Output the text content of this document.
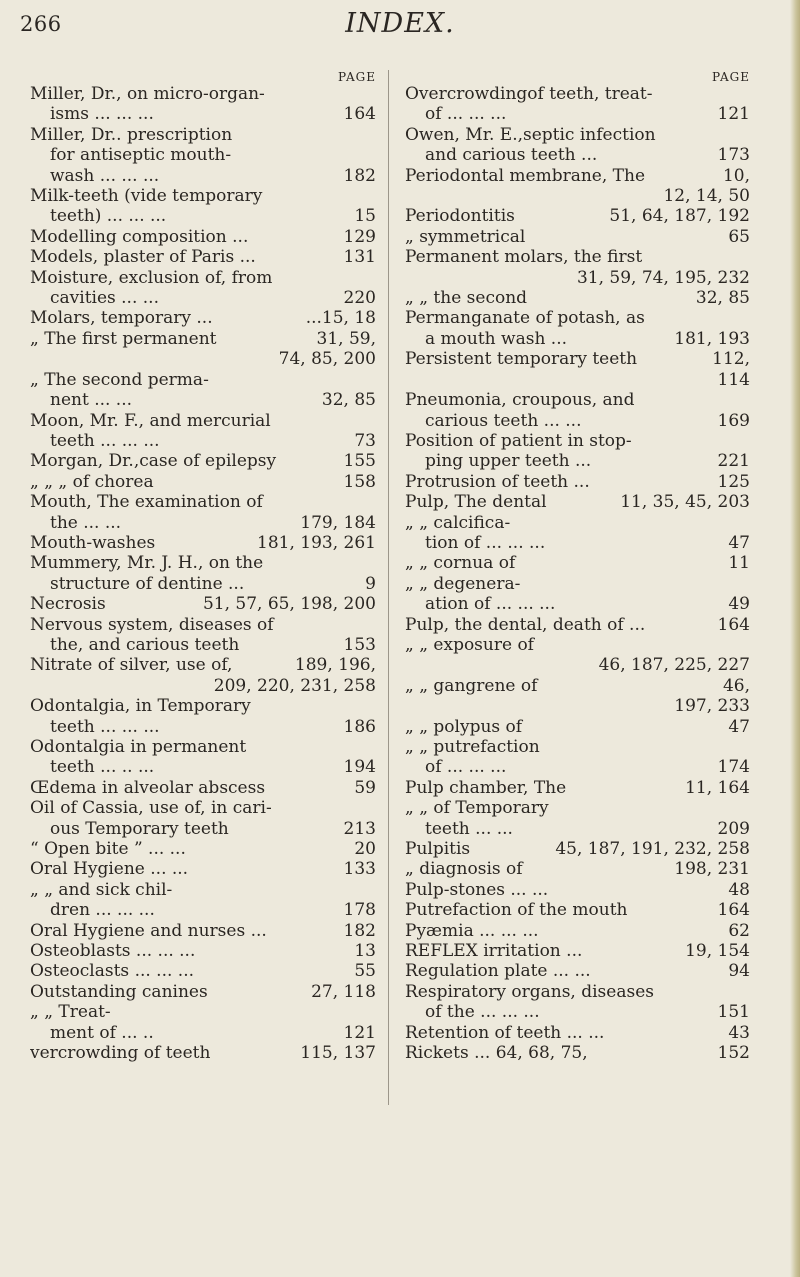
266	INDEX.
PAGE
Miller, Dr., on micro-organ-
isms ... ... ...	164
Miller, Dr.. prescription
for antiseptic mouth-
wash ... ... ...	182
Milk-teeth (vide temporary
teeth) ... ... ...	15
Modelling composition ...	129
Models, plaster of Paris ...	131
Moisture, exclusion of, from
cavities ... ...	220
Molars, temporary ...	...15, 18
„ The first permanent	31, 59,
74, 85, 200
„ The second perma-
nent ... ...	32, 85
Moon, Mr. F., and mercurial
teeth ... ... ...	73
Morgan, Dr.,case of epilepsy	155
„ „ „ of chorea	158
Mouth, The examination of
the ... ...	179, 184
Mouth-washes	181, 193, 261
Mummery, Mr. J. H., on the
structure of dentine ...	9
Necrosis	51, 57, 65, 198, 200
Nervous system, diseases of
the, and carious teeth	153
Nitrate of silver, use of,	189, 196,
209, 220, 231, 258
Odontalgia, in Temporary
teeth ... ... ...	186
Odontalgia in permanent
teeth ... .. ...	194
Œdema in alveolar abscess	59
Oil of Cassia, use of, in cari-
ous Temporary teeth	213
“ Open bite ” ... ...	20
Oral Hygiene ... ...	133
„ „ and sick chil-
dren ... ... ...	178
Oral Hygiene and nurses ...	182
Osteoblasts ... ... ...	13
Osteoclasts ... ... ...	55
Outstanding canines	27, 118
„ „ Treat-
ment of ... ..	121
vercrowding of teeth	115, 137
PAGE
Overcrowdingof teeth, treat-
of ... ... ...	121
Owen, Mr. E.,septic infection
and carious teeth ...	173
Periodontal membrane, The	10,
12, 14, 50
Periodontitis	51, 64, 187, 192
„ symmetrical	65
Permanent molars, the first
31, 59, 74, 195, 232
„ „ the second	32, 85
Permanganate of potash, as
a mouth wash ...	181, 193
Persistent temporary teeth	112,
114
Pneumonia, croupous, and
carious teeth ... ...	169
Position of patient in stop-
ping upper teeth ...	221
Protrusion of teeth ...	125
Pulp, The dental	11, 35, 45, 203
„ „ calcifica-
tion of ... ... ...	47
„ „ cornua of	11
„ „ degenera-
ation of ... ... ...	49
Pulp, the dental, death of ...	164
„ „ exposure of
46, 187, 225, 227
„ „ gangrene of	46,
197, 233
„ „ polypus of	47
„ „ putrefaction
of ... ... ...	174
Pulp chamber, The	11, 164
„ „ of Temporary
teeth ... ...	209
Pulpitis	45, 187, 191, 232, 258
„ diagnosis of	198, 231
Pulp-stones ... ...	48
Putrefaction of the mouth	164
Pyæmia ... ... ...	62
REFLEX irritation ...	19, 154
Regulation plate ... ...	94
Respiratory organs, diseases
of the ... ... ...	151
Retention of teeth ... ...	43
Rickets ... 64, 68, 75,	152
